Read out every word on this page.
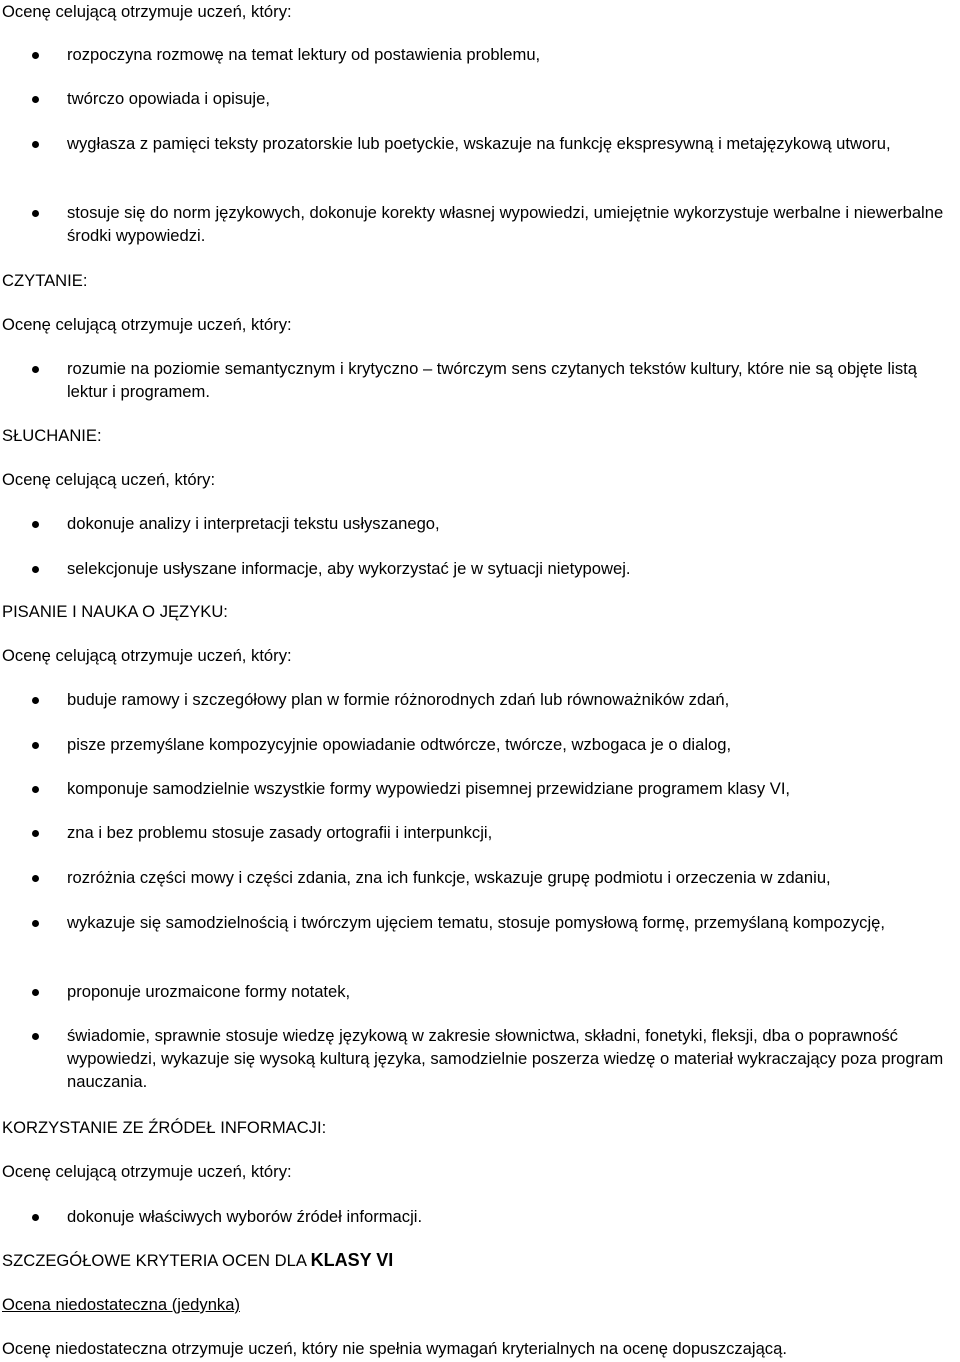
Ocenę celującą otrzymuje uczeń, który:
rozpoczyna rozmowę na temat lektury od postawienia problemu,
twórczo opowiada i opisuje,
wygłasza z pamięci teksty prozatorskie lub poetyckie, wskazuje na funkcję ekspresywną i metajęzykową utworu,
stosuje się do norm językowych, dokonuje korekty własnej wypowiedzi, umiejętnie wykorzystuje werbalne i niewerbalne środki wypowiedzi.
CZYTANIE:
Ocenę celującą otrzymuje uczeń, który:
rozumie na poziomie semantycznym i krytyczno – twórczym sens czytanych tekstów kultury, które nie są objęte listą lektur i programem.
SŁUCHANIE:
Ocenę celującą uczeń, który:
dokonuje analizy i interpretacji tekstu usłyszanego,
selekcjonuje usłyszane informacje, aby wykorzystać je w sytuacji nietypowej.
PISANIE I NAUKA O JĘZYKU:
Ocenę celującą otrzymuje uczeń, który:
buduje ramowy i szczegółowy plan w formie różnorodnych zdań lub równoważników zdań,
pisze przemyślane kompozycyjnie opowiadanie odtwórcze, twórcze, wzbogaca je o dialog,
komponuje samodzielnie wszystkie formy wypowiedzi pisemnej przewidziane programem klasy VI,
zna i bez problemu stosuje zasady ortografii i interpunkcji,
rozróżnia części mowy i części zdania, zna ich funkcje, wskazuje grupę podmiotu i orzeczenia w zdaniu,
wykazuje się samodzielnością i twórczym ujęciem tematu, stosuje pomysłową formę, przemyślaną kompozycję,
proponuje urozmaicone formy notatek,
świadomie, sprawnie stosuje wiedzę językową w zakresie słownictwa, składni, fonetyki, fleksji, dba o poprawność wypowiedzi, wykazuje się wysoką kulturą języka, samodzielnie poszerza wiedzę o materiał wykraczający poza program nauczania.
KORZYSTANIE ZE ŹRÓDEŁ INFORMACJI:
Ocenę celującą otrzymuje uczeń, który:
dokonuje właściwych wyborów źródeł informacji.
SZCZEGÓŁOWE KRYTERIA OCEN DLA KLASY VI
Ocena niedostateczna (jedynka)
Ocenę niedostateczna otrzymuje uczeń, który nie spełnia wymagań kryterialnych na ocenę dopuszczającą.
